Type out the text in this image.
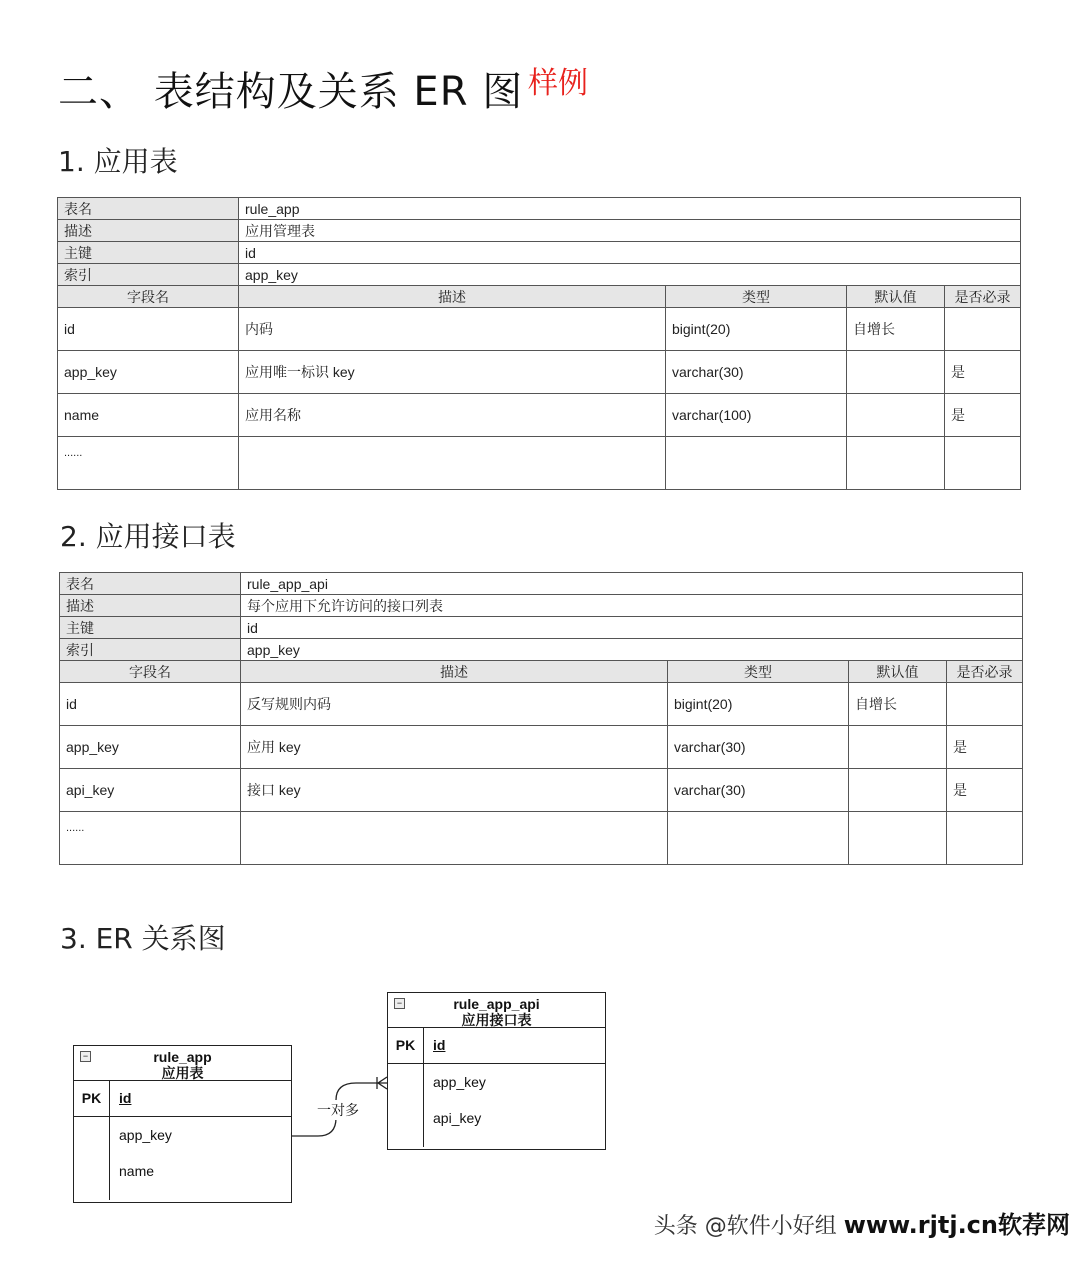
二、 表结构及关系 ER 图 样例
1. 应用表
表名	rule_app			
描述	应用管理表			
主键	id			
索引	app_key			
字段名	描述	类型	默认值	是否必录
id	内码	bigint(20)	自增长	
app_key	应用唯一标识 key	varchar(30)		是
name	应用名称	varchar(100)		是
......				
2. 应用接口表
表名	rule_app_api			
描述	每个应用下允许访问的接口列表			
主键	id			
索引	app_key			
字段名	描述	类型	默认值	是否必录
id	反写规则内码	bigint(20)	自增长	
app_key	应用 key	varchar(30)		是
api_key	接口 key	varchar(30)		是
......				
3. ER 关系图
一对多
−	rule_app
应用表
PK	id
app_key
name
−	rule_app_api
应用接口表
PK	id
app_key
api_key
头条 @软件小好组 www.rjtj.cn软荐网
